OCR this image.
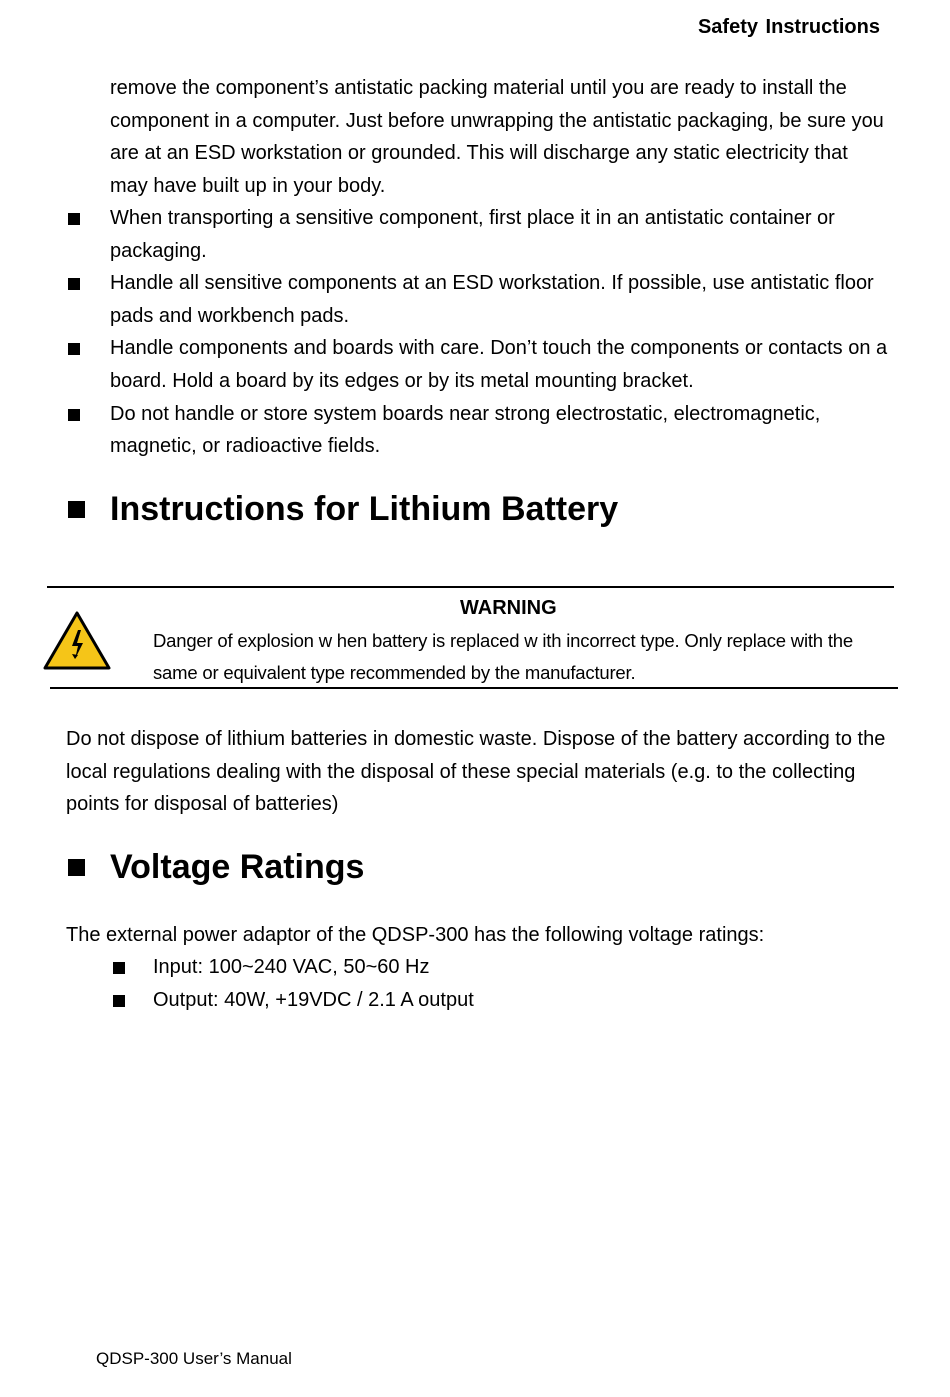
Safety Instructions
remove the component’s antistatic packing material until you are ready to install the component in a computer. Just before unwrapping the antistatic packaging, be sure you are at an ESD workstation or grounded. This will discharge any static electricity that may have built up in your body.
When transporting a sensitive component, first place it in an antistatic container or packaging.
Handle all sensitive components at an ESD workstation. If possible, use antistatic floor pads and workbench pads.
Handle components and boards with care. Don’t touch the components or contacts on a board. Hold a board by its edges or by its metal mounting bracket.
Do not handle or store system boards near strong electrostatic, electromagnetic, magnetic, or radioactive fields.
Instructions for Lithium Battery
WARNING
Danger of explosion w hen battery is replaced w ith incorrect type. Only replace with the same or equivalent type recommended by the manufacturer.
Do not dispose of lithium batteries in domestic waste. Dispose of the battery according to the local regulations dealing with the disposal of these special materials (e.g. to the collecting points for disposal of batteries)
Voltage Ratings
The external power adaptor of the QDSP-300 has the following voltage ratings:
Input: 100~240 VAC, 50~60 Hz
Output: 40W, +19VDC / 2.1 A output
QDSP-300 User’s Manual
